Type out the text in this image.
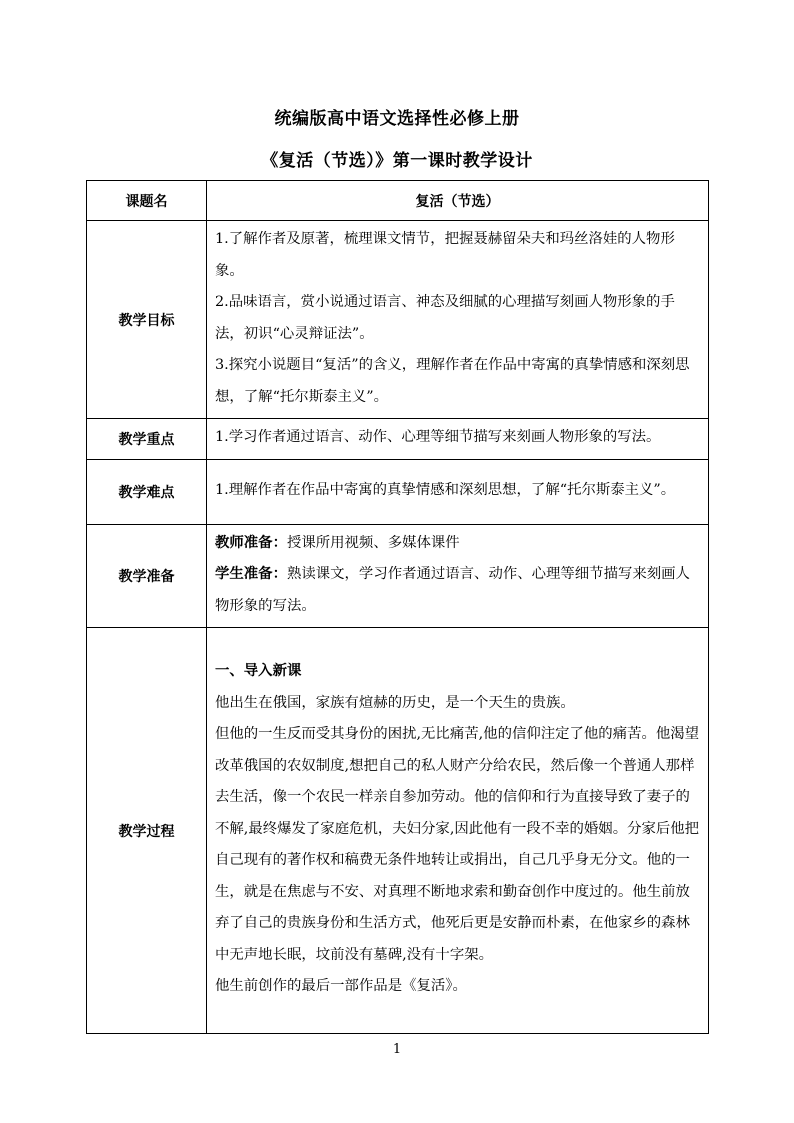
统编版高中语文选择性必修上册
《复活（节选）》第一课时教学设计
课题名	复活（节选）
教学目标	1.了解作者及原著，梳理课文情节，把握聂赫留朵夫和玛丝洛娃的人物形象。

2.品味语言，赏小说通过语言、神态及细腻的心理描写刻画人物形象的手法，初识“心灵辩证法”。

3.探究小说题目“复活”的含义，理解作者在作品中寄寓的真挚情感和深刻思想，了解“托尔斯泰主义”。

教学重点	1.学习作者通过语言、动作、心理等细节描写来刻画人物形象的写法。

教学难点	1.理解作者在作品中寄寓的真挚情感和深刻思想，了解“托尔斯泰主义”。

教学准备	教师准备：授课所用视频、多媒体课件

学生准备：熟读课文，学习作者通过语言、动作、心理等细节描写来刻画人物形象的写法。

教学过程	一、导入新课

他出生在俄国，家族有煊赫的历史，是一个天生的贵族。

但他的一生反而受其身份的困扰,无比痛苦,他的信仰注定了他的痛苦。他渴望改革俄国的农奴制度,想把自己的私人财产分给农民，然后像一个普通人那样去生活，像一个农民一样亲自参加劳动。他的信仰和行为直接导致了妻子的不解,最终爆发了家庭危机，夫妇分家,因此他有一段不幸的婚姻。分家后他把自己现有的著作权和稿费无条件地转让或捐出，自己几乎身无分文。他的一生，就是在焦虑与不安、对真理不断地求索和勤奋创作中度过的。他生前放弃了自己的贵族身份和生活方式，他死后更是安静而朴素，在他家乡的森林中无声地长眠，坟前没有墓碑,没有十字架。

他生前创作的最后一部作品是《复活》。

1
